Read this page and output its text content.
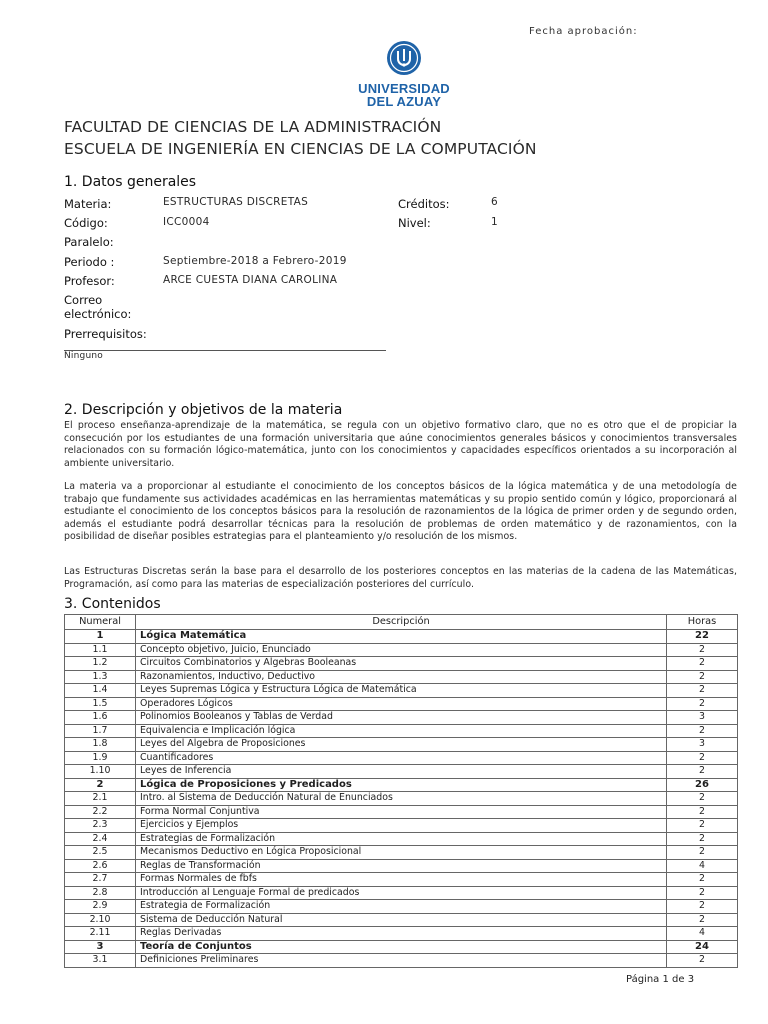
Fecha aprobación:
UNIVERSIDAD
DEL AZUAY
FACULTAD DE CIENCIAS DE LA ADMINISTRACIÓN
ESCUELA DE INGENIERÍA EN CIENCIAS DE LA COMPUTACIÓN
1. Datos generales
Materia:	ESTRUCTURAS DISCRETAS	Créditos:	6
Código:	ICC0004	Nivel:	1
Paralelo:
Periodo :	Septiembre-2018 a Febrero-2019
Profesor:	ARCE CUESTA DIANA CAROLINA
Correo
electrónico:
Prerrequisitos:
Ninguno
2. Descripción y objetivos de la materia
El proceso enseñanza-aprendizaje de la matemática, se regula con un objetivo formativo claro, que no es otro que el de propiciar la consecución por los estudiantes de una formación universitaria que aúne conocimientos generales básicos y conocimientos transversales relacionados con su formación lógico-matemática, junto con los conocimientos y capacidades específicos orientados a su incorporación al ambiente universitario.
La materia va a proporcionar al estudiante el conocimiento de los conceptos básicos de la lógica matemática y de una metodología de trabajo que fundamente sus actividades académicas en las herramientas matemáticas y su propio sentido común y lógico, proporcionará al estudiante el conocimiento de los conceptos básicos para la resolución de razonamientos de la lógica de primer orden y de segundo orden, además el estudiante podrá desarrollar técnicas para la resolución de problemas de orden matemático y de razonamientos, con la posibilidad de diseñar posibles estrategias para el planteamiento y/o resolución de los mismos.
Las Estructuras Discretas serán la base para el desarrollo de los posteriores conceptos en las materias de la cadena de las Matemáticas, Programación, así como para las materias de especialización posteriores del currículo.
3. Contenidos
Numeral	Descripción	Horas
1	Lógica Matemática	22
1.1	Concepto objetivo, Juicio, Enunciado	2
1.2	Circuitos Combinatorios y Algebras Booleanas	2
1.3	Razonamientos, Inductivo, Deductivo	2
1.4	Leyes Supremas Lógica y Estructura Lógica de Matemática	2
1.5	Operadores Lógicos	2
1.6	Polinomios Booleanos y Tablas de Verdad	3
1.7	Equivalencia e Implicación lógica	2
1.8	Leyes del Algebra de Proposiciones	3
1.9	Cuantificadores	2
1.10	Leyes de Inferencia	2
2	Lógica de Proposiciones y Predicados	26
2.1	Intro. al Sistema de Deducción Natural de Enunciados	2
2.2	Forma Normal Conjuntiva	2
2.3	Ejercicios y Ejemplos	2
2.4	Estrategias de Formalización	2
2.5	Mecanismos Deductivo en Lógica Proposicional	2
2.6	Reglas de Transformación	4
2.7	Formas Normales de fbfs	2
2.8	Introducción al Lenguaje Formal de predicados	2
2.9	Estrategia de Formalización	2
2.10	Sistema de Deducción Natural	2
2.11	Reglas Derivadas	4
3	Teoría de Conjuntos	24
3.1	Definiciones Preliminares	2
Página 1 de 3
